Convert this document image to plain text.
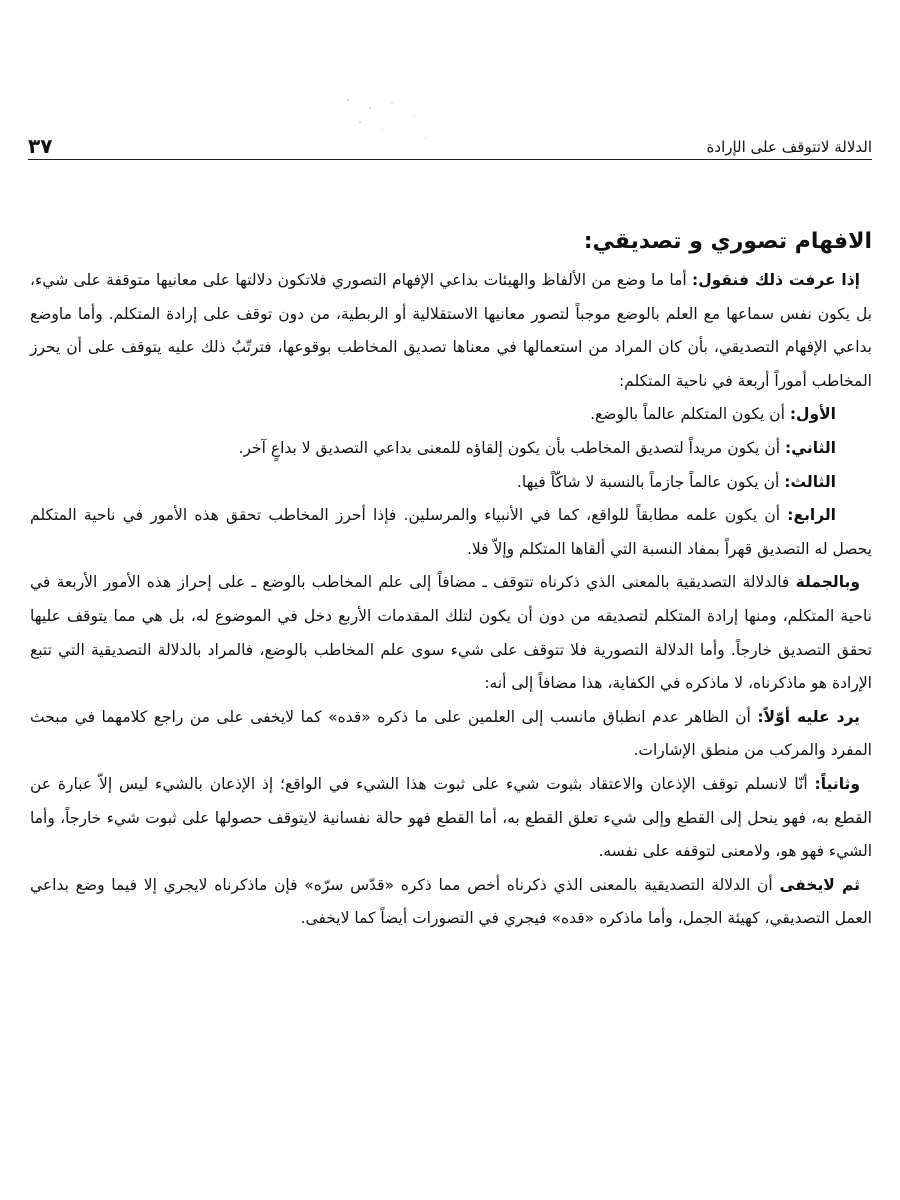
الدلالة لاتتوقف على الإرادة
٣٧
الافهام تصوري و تصديقي:

إذا عرفت ذلك فنقول: أما ما وضع من الألفاظ والهيئات بداعي الإفهام التصوري فلاتكون دلالتها على معانيها متوقفة على شيء، بل يكون نفس سماعها مع العلم بالوضع موجباً لتصور معانيها الاستقلالية أو الربطية، من دون توقف على إرادة المتكلم. وأما ماوضع بداعي الإفهام التصديقي، بأن كان المراد من استعمالها في معناها تصديق المخاطب بوقوعها، فترتّبُ ذلك عليه يتوقف على أن يحرز المخاطب أموراً أربعة في ناحية المتكلم:

الأول: أن يكون المتكلم عالماً بالوضع.

الثاني: أن يكون مريداً لتصديق المخاطب بأن يكون إلقاؤه للمعنى بداعي التصديق لا بداعٍ آخر.

الثالث: أن يكون عالماً جازماً بالنسبة لا شاكّاً فيها.

الرابع: أن يكون علمه مطابقاً للواقع، كما في الأنبياء والمرسلين. فإذا أحرز المخاطب تحقق هذه الأمور في ناحية المتكلم يحصل له التصديق قهراً بمفاد النسبة التي ألقاها المتكلم وإلاّ فلا.

وبالجملة فالدلالة التصديقية بالمعنى الذي ذكرناه تتوقف ـ مضافاً إلى علم المخاطب بالوضع ـ على إحراز هذه الأمور الأربعة في ناحية المتكلم، ومنها إرادة المتكلم لتصديقه من دون أن يكون لتلك المقدمات الأربع دخل في الموضوع له، بل هي مما يتوقف عليها تحقق التصديق خارجاً. وأما الدلالة التصورية فلا تتوقف على شيء سوى علم المخاطب بالوضع، فالمراد بالدلالة التصديقية التي تتبع الإرادة هو ماذكرناه، لا ماذكره في الكفاية، هذا مضافاً إلى أنه:

يرد عليه أوّلاً: أن الظاهر عدم انطباق مانسب إلى العلمين على ما ذكره «قده» كما لايخفى على من راجع كلامهما في مبحث المفرد والمركب من منطق الإشارات.

وثانياً: أنّا لانسلم توقف الإذعان والاعتقاد بثبوت شيء على ثبوت هذا الشيء في الواقع؛ إذ الإذعان بالشيء ليس إلاّ عبارة عن القطع به، فهو ينحل إلى القطع وإلى شيء تعلق القطع به، أما القطع فهو حالة نفسانية لايتوقف حصولها على ثبوت شيء خارجاً، وأما الشيء فهو هو، ولامعنى لتوقفه على نفسه.

ثم لايخفى أن الدلالة التصديقية بالمعنى الذي ذكرناه أخص مما ذكره «قدّس سرّه» فإن ماذكرناه لايجري إلا فيما وضع بداعي العمل التصديقي، كهيئة الجمل، وأما ماذكره «قده» فيجري في التصورات أيضاً كما لايخفى.
